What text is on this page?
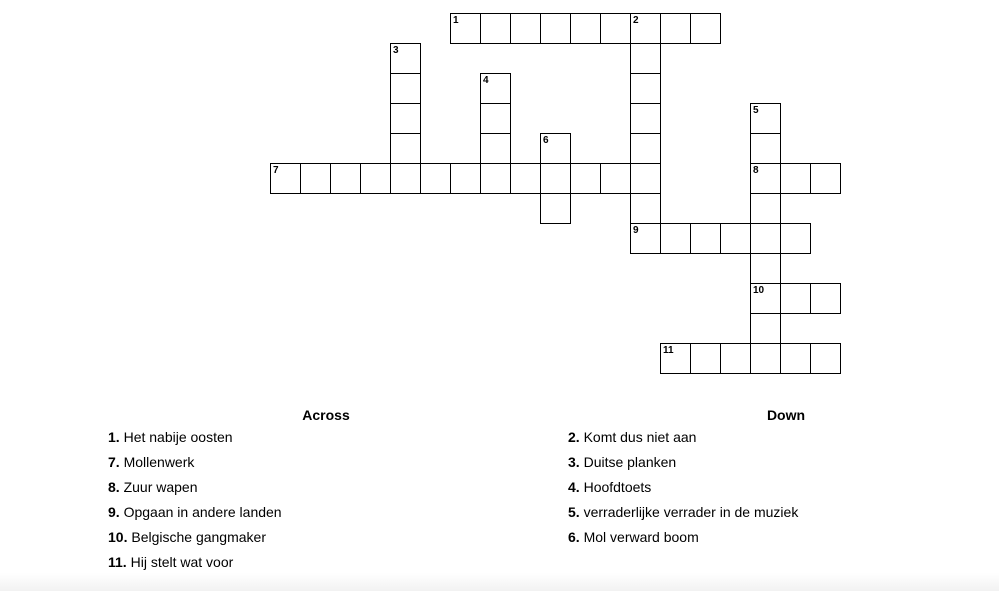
1	2
3
4
5
6
7	8
9
10
11
Across
1. Het nabije oosten
7. Mollenwerk
8. Zuur wapen
9. Opgaan in andere landen
10. Belgische gangmaker
11. Hij stelt wat voor
Down
2. Komt dus niet aan
3. Duitse planken
4. Hoofdtoets
5. verraderlijke verrader in de muziek
6. Mol verward boom
